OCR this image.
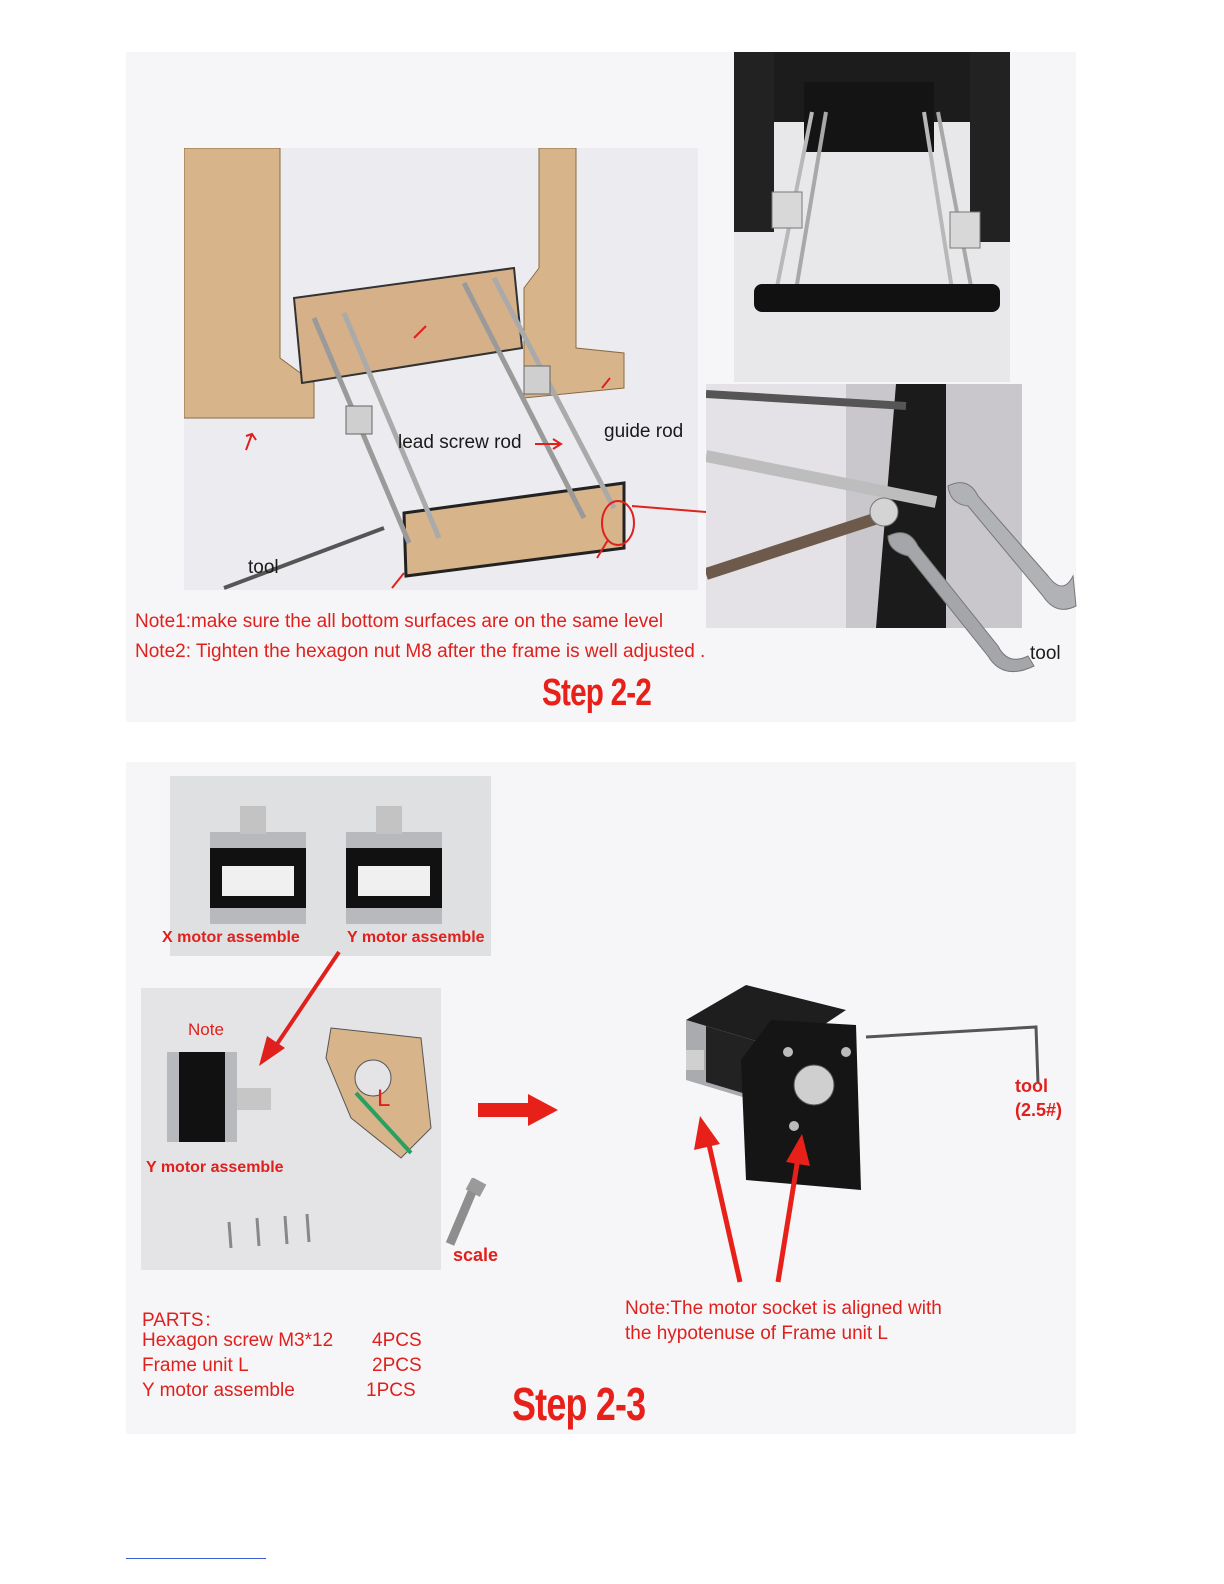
lead screw rod
guide rod
tool
tool
Note1:make sure the all bottom surfaces are on the same level
Note2: Tighten the hexagon nut M8 after the frame is well adjusted .
Step 2-2
X motor assemble	Y motor assemble
Note
L
Y motor assemble
scale
tool
(2.5#)
Note:The motor socket is aligned with
the hypotenuse of Frame unit L
PARTS：
Hexagon screw M3*12 4PCS
Frame unit L	2PCS
Y motor assemble	1PCS Step 2-3
